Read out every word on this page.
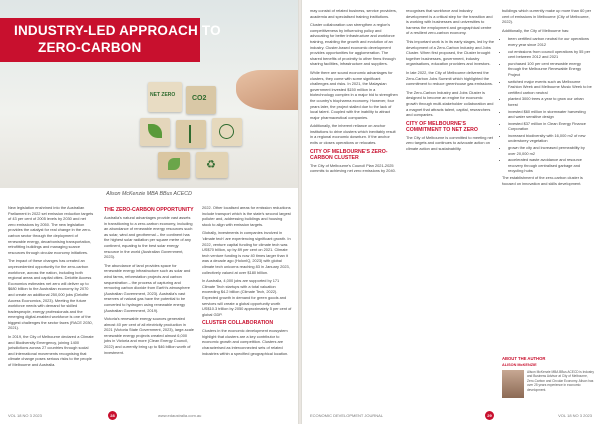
NET ZERO CO2
♻
INDUSTRY-LED APPROACH TO
ZERO-CARBON
Alison McKenzie MBA BBus ACECD

New legislation enshrined into the Australian Parliament in 2022 set emission reduction targets of 43 per cent of 2005 levels by 2030 and net zero emissions by 2050. The new legislation provides the catalyst for real change in the zero-carbon sector through the deployment of renewable energy, decarbonising transportation, retrofitting buildings and managing scarce resources through circular economy initiatives.

The impact of these changes has created an unprecedented opportunity for the zero-carbon workforce, across the nation, including both regional areas and capital cities. Deloitte Access Economics estimates net zero will deliver up to $680 billion to the Australian economy by 2070 and create an additional 250,000 jobs (Deloitte Access Economics, 2023). Meeting the future workforce needs with demand for skilled tradespeople, energy professionals and the emerging digital-enabled workforce is one of the biggest challenges the sector faces (RACE 2030, 2021).

In 2019, the City of Melbourne declared a Climate and Biodiversity Emergency, joining 1400 jurisdictions across 27 countries through social and international movements recognising that climate change poses serious risks to the people of Melbourne and Australia.

THE ZERO-CARBON OPPORTUNITY

Australia's natural advantages provide vast assets in transitioning to a zero-carbon economy, including an abundance of renewable energy resources such as solar, wind and geothermal – the continent has the highest solar radiation per square metre of any continent, equating to the best solar energy resource in the world (Australian Government, 2023).

The abundance of land provides space for renewable energy infrastructure such as solar and wind farms, reforestation projects and carbon sequestration – the process of capturing and removing carbon dioxide from Earth's atmosphere (Australian Government, 2023). Australia's vast reserves of natural gas have the potential to be converted to hydrogen using renewable energy (Australian Government, 2019).

Victoria's renewable energy sources generated almost 40 per cent of all electricity production in 2021 (Victoria State Government, 2023), large-scale renewable energy projects created almost 6,000 jobs in Victoria and more (Clean Energy Council, 2022) and currently bring up to $46 billion worth of investment.

2022. Other localised areas for emission reductions include transport which is the state's second largest polluter and, addressing buildings and housing stock to align with emission targets.

Globally, investments in companies involved in 'climate tech' are experiencing significant growth. In 2022, venture capital funding for climate tech was US$70 billion, up by 89 per cent on 2021. Climate tech venture funding is now 40 times larger than it was a decade ago (HolonIQ, 2023) with global climate tech unicorns reaching 83 in January 2023, collectively valued at over $180 billion.

In Australia, 4,000 jobs are supported by 171 Climate Tech startups with a total valuation exceeding $4.2 billion (Climate Tech, 2022). Expected growth in demand for green goods and services will create a global opportunity worth US$10.3 trillion by 2050 approximately 5 per cent of global GDP.

CLUSTER COLLABORATION

Clusters in the economic development ecosystem highlight that clusters are a key contributor to economic growth and competition. Clusters are characterised as interconnected sets of related industries within a specified geographical location.

VOL 18 NO 3 2023	28	www.edaustralia.com.au

may consist of related business, service providers, academia and specialised training institutions.

Cluster collaboration can strengthen a region's competitiveness by influencing policy and advocating for better infrastructure and workforce training, enabling the growth and evolution of an industry. Cluster-based economic development provides opportunities for agglomeration. The shared benefits of proximity to other firms through sharing facilities, infrastructure and suppliers.

While there are sound economic advantages for clusters, they come with some significant challenges and risks. In 2021, the Malaysian government invested $150 million in a biotechnology complex in a major bid to strengthen the country's biopharma economy. However, four years later, the project stalled due to the lack of local talent. Coupled with the inability to attract major pharmaceutical companies.

Additionally, the inherent reliance on anchor institutions to drive clusters which inevitably result in a regional economic downturn. If the anchor exits or closes operations or relocates.

CITY OF MELBOURNE'S ZERO-CARBON CLUSTER

The City of Melbourne's Council Plan 2021-2025 commits to achieving net zero emissions by 2040.

recognises that workforce and industry development is a critical step for the transition and is working with businesses and universities to harness the employment and geographical centre of a resilient zero-carbon economy.

This important work is in its early stages, led by the development of a Zero-Carbon Industry and Jobs Cluster. When first proposed, the Cluster brought together businesses, government, industry organisations, education providers and investors.

In late 2022, the City of Melbourne delivered the Zero-Carbon Jobs Summit which highlighted the commitment to reduce greenhouse gas emissions.

The Zero-Carbon Industry and Jobs Cluster is designed to become an engine for economic growth through multi-stakeholder collaboration and a magnet that attracts talent, capital, researchers and companies.

CITY OF MELBOURNE'S COMMITMENT TO NET ZERO

The City of Melbourne is committed to meeting net zero targets and continues to advocate action on climate action and sustainability.

buildings which currently make up more than 60 per cent of emissions in Melbourne (City of Melbourne, 2022).

Additionally, the City of Melbourne has:

• been certified carbon neutral for our operations every year since 2012
• cut emissions from council operations by 55 per cent between 2012 and 2021
• purchased 100 per cent renewable energy through the Melbourne Renewable Energy Project
• switched major events such as Melbourne Fashion Week and Melbourne Music Week to be certified carbon neutral
• planted 3000 trees a year to grow our urban forest
• invested $60 million in stormwater harvesting and water sensitive design
• invested $37 million in Clean Energy Finance Corporation
• increased biodiversity with 16,000 m2 of new understorey vegetation
• grown the city and increased permeability by over 20,000 m2
• accelerated waste avoidance and resource recovery through centralised garbage and recycling hubs

The establishment of the zero-carbon cluster is focused on innovation and skills development.

ABOUT THE AUTHOR
ALISON McKENZIE
Alison McKenzie MBA BBus ACECD is Industry and Business Advisor at City of Melbourne, Zero-Carbon and Circular Economy. Alison has over 25 years experience in economic development.
ECONOMIC DEVELOPMENT JOURNAL	29	VOL 18 NO 3 2023
